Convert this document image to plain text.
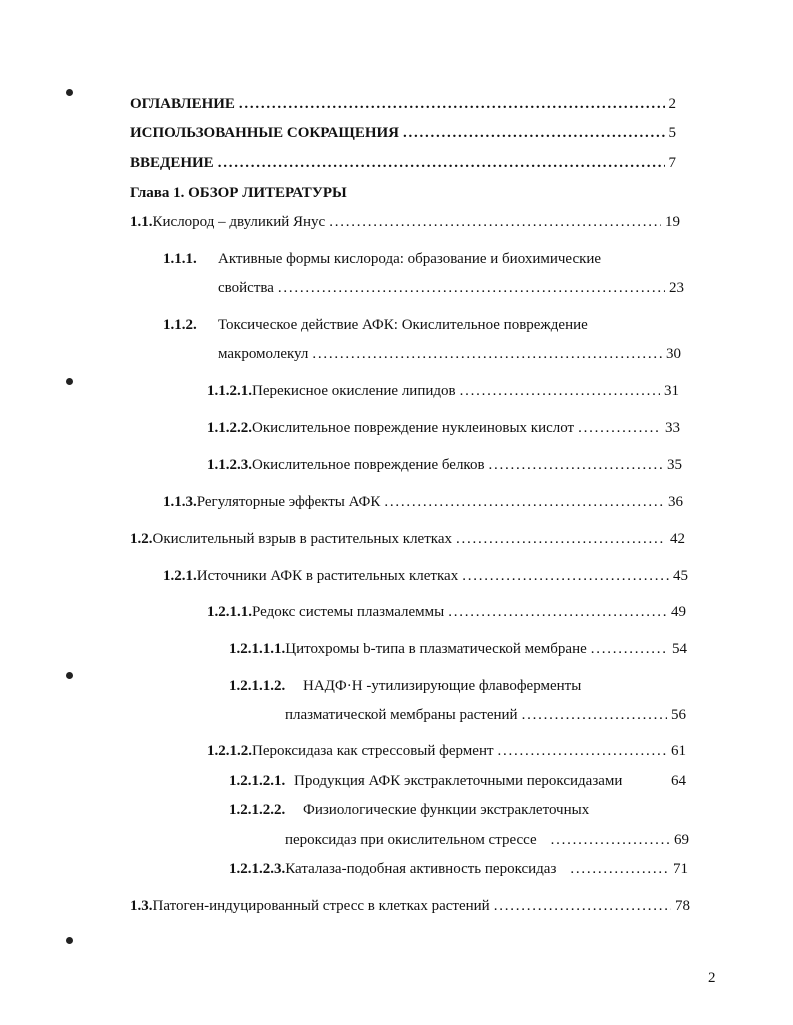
ОГЛАВЛЕНИЕ . . .	2
ИСПОЛЬЗОВАННЫЕ СОКРАЩЕНИЯ . . .	5
ВВЕДЕНИЕ . . .	7
Глава 1. ОБЗОР ЛИТЕРАТУРЫ
1.1. Кислород – двуликий Янус . . .	19
1.1.1.	Активные формы кислорода: образование и биохимические
свойства . . .	23
1.1.2.	Токсическое действие АФК: Окислительное повреждение
макромолекул . . .	30
1.1.2.1. Перекисное окисление липидов . . .	31
1.1.2.2. Окислительное повреждение нуклеиновых кислот . . .	33
1.1.2.3. Окислительное повреждение белков . . .	35
1.1.3. Регуляторные эффекты АФК . . .	36
1.2. Окислительный взрыв в растительных клетках . . .	42
1.2.1. Источники АФК в растительных клетках . . .	45
1.2.1.1. Редокс системы плазмалеммы . . .	49
1.2.1.1.1. Цитохромы b-типа в плазматической мембране . . .	54
1.2.1.1.2.	НАДФ·Н -утилизирующие флавоферменты
плазматической мембраны растений . . .	56
1.2.1.2. Пероксидаза как стрессовый фермент . . .	61
1.2.1.2.1. Продукция АФК экстраклеточными пероксидазами	64
1.2.1.2.2.	Физиологические функции экстраклеточных
пероксидаз при окислительном стрессе . . .	69
1.2.1.2.3. Каталаза-подобная активность пероксидаз . . .	71
1.3. Патоген-индуцированный стресс в клетках растений . . .	78
2
